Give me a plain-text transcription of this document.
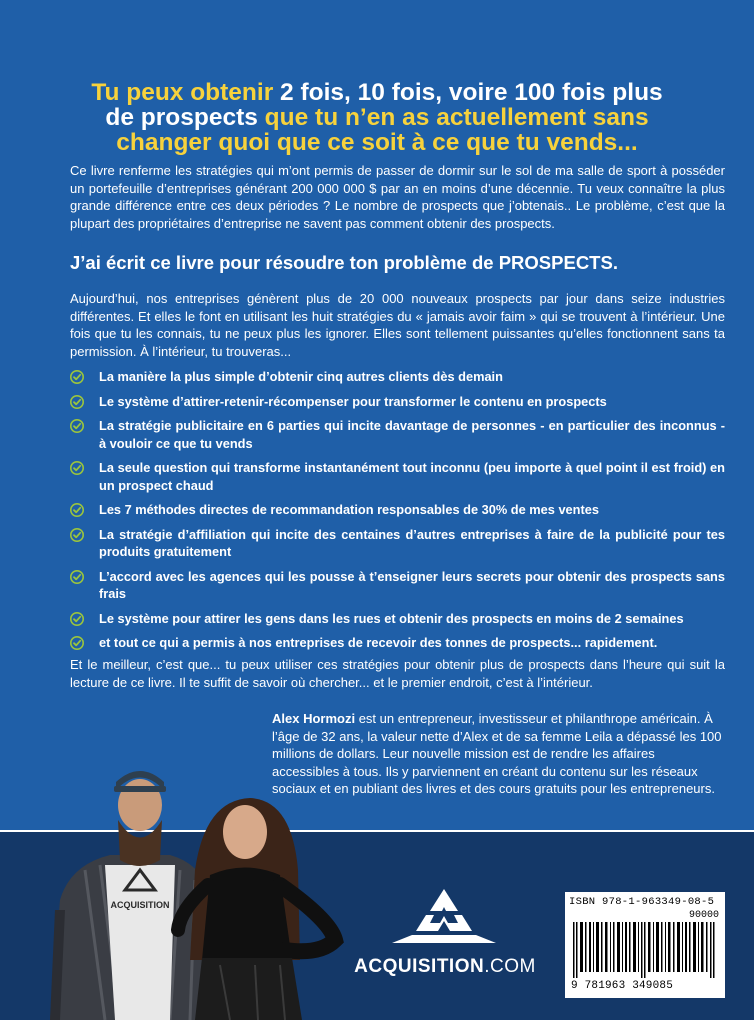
Tu peux obtenir 2 fois, 10 fois, voire 100 fois plus
de prospects que tu n’en as actuellement sans
changer quoi que ce soit à ce que tu vends...

Ce livre renferme les stratégies qui m’ont permis de passer de dormir sur le sol de ma salle de sport à posséder un portefeuille d’entreprises générant 200 000 000 $ par an en moins d’une décennie. Tu veux connaître la plus grande différence entre ces deux périodes ? Le nombre de prospects que j’obtenais.. Le problème, c’est que la plupart des propriétaires d’entreprise ne savent pas comment obtenir des prospects.

J’ai écrit ce livre pour résoudre ton problème de PROSPECTS.

Aujourd’hui, nos entreprises génèrent plus de 20 000 nouveaux prospects par jour dans seize industries différentes. Et elles le font en utilisant les huit stratégies du « jamais avoir faim » qui se trouvent à l’intérieur. Une fois que tu les connais, tu ne peux plus les ignorer. Elles sont tellement puissantes qu’elles fonctionnent sans ta permission. À l’intérieur, tu trouveras...

La manière la plus simple d’obtenir cinq autres clients dès demain
Le système d’attirer-retenir-récompenser pour transformer le contenu en prospects
La stratégie publicitaire en 6 parties qui incite davantage de personnes - en particulier des inconnus - à vouloir ce que tu vends
La seule question qui transforme instantanément tout inconnu (peu importe à quel point il est froid) en un prospect chaud
Les 7 méthodes directes de recommandation responsables de 30% de mes ventes
La stratégie d’affiliation qui incite des centaines d’autres entreprises à faire de la publicité pour tes produits gratuitement
L’accord avec les agences qui les pousse à t’enseigner leurs secrets pour obtenir des prospects sans frais
Le système pour attirer les gens dans les rues et obtenir des prospects en moins de 2 semaines
et tout ce qui a permis à nos entreprises de recevoir des tonnes de prospects... rapidement.

Et le meilleur, c’est que... tu peux utiliser ces stratégies pour obtenir plus de prospects dans l’heure qui suit la lecture de ce livre. Il te suffit de savoir où chercher... et le premier endroit, c’est à l’intérieur.

Alex Hormozi est un entrepreneur, investisseur et philanthrope américain. À l’âge de 32 ans, la valeur nette d’Alex et de sa femme Leila a dépassé les 100 millions de dollars. Leur nouvelle mission est de rendre les affaires accessibles à tous. Ils y parviennent en créant du contenu sur les réseaux sociaux et en publiant des livres et des cours gratuits pour les entrepreneurs.

ACQUISITION
ACQUISITION.COM
ISBN 978-1-963349-08-5
90000
9 781963 349085
